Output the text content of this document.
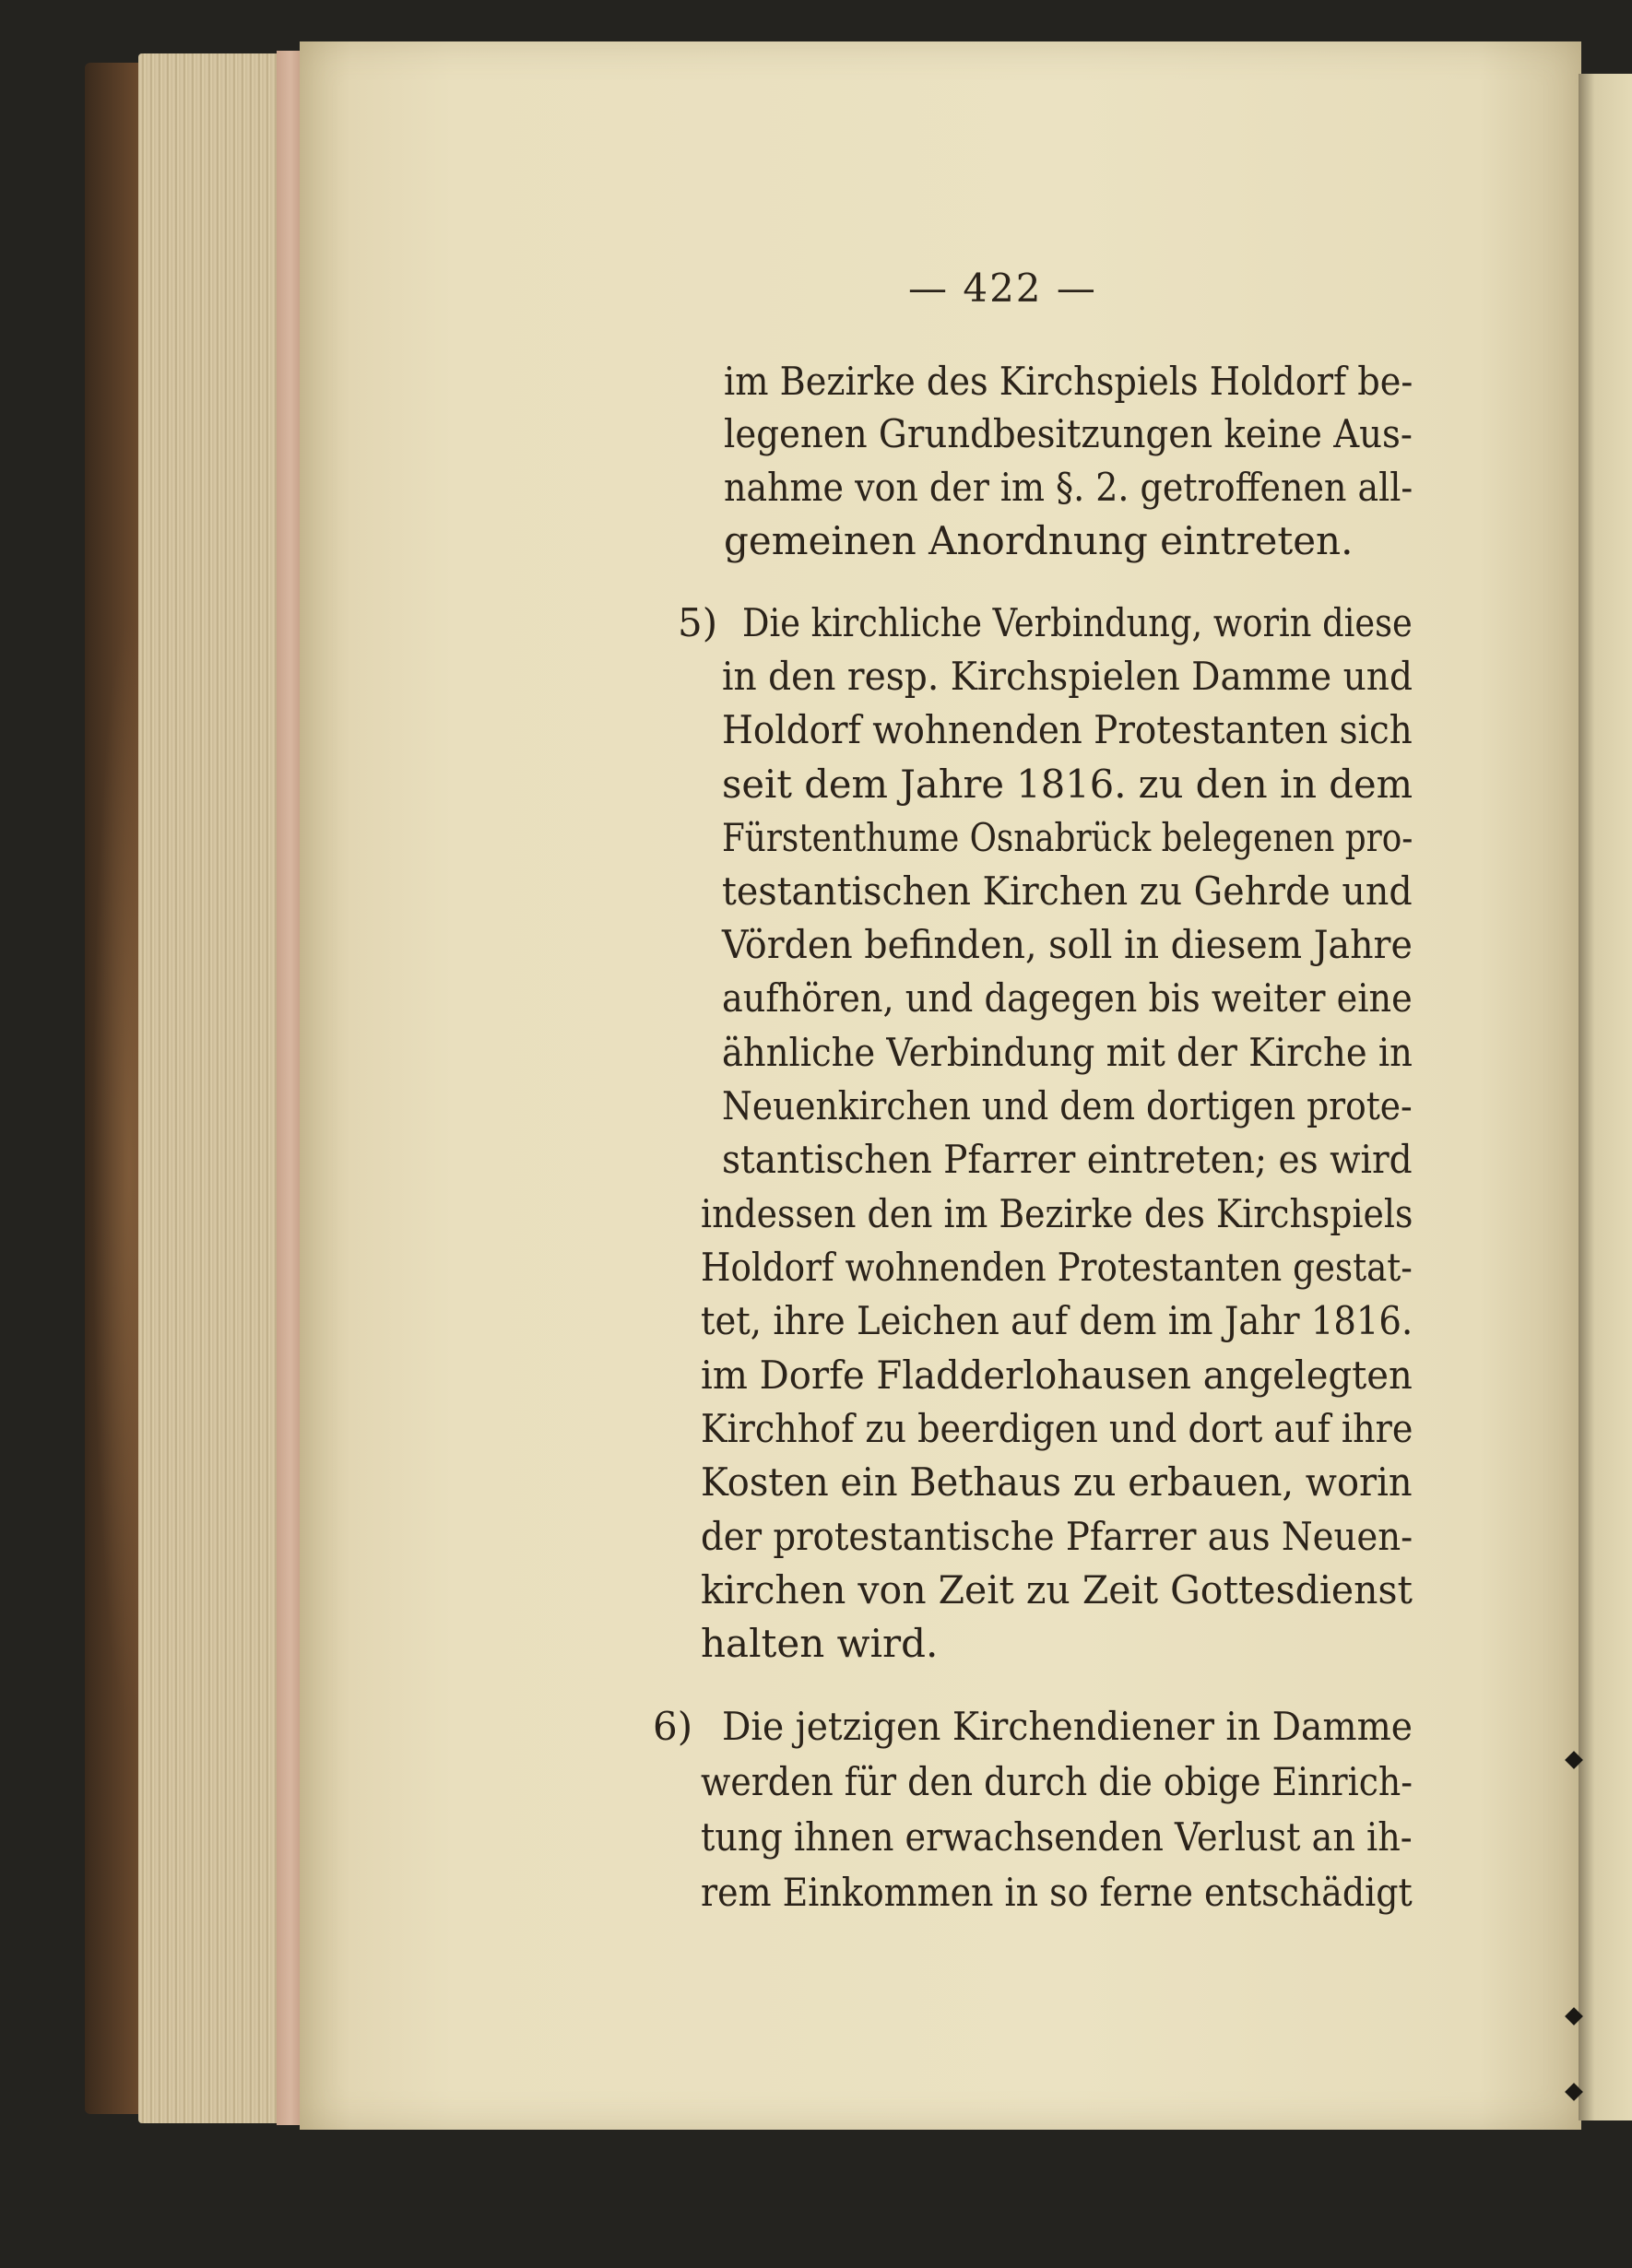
— 422 —
im Bezirke des Kirchspiels Holdorf be-
legenen Grundbesitzungen keine Aus-
nahme von der im §. 2. getroffenen all-
gemeinen Anordnung eintreten.
5) Die kirchliche Verbindung, worin diese
in den resp. Kirchspielen Damme und
Holdorf wohnenden Protestanten sich
seit dem Jahre 1816. zu den in dem
Fürstenthume Osnabrück belegenen pro-
testantischen Kirchen zu Gehrde und
Vörden befinden, soll in diesem Jahre
aufhören, und dagegen bis weiter eine
ähnliche Verbindung mit der Kirche in
Neuenkirchen und dem dortigen prote-
stantischen Pfarrer eintreten; es wird
indessen den im Bezirke des Kirchspiels
Holdorf wohnenden Protestanten gestat-
tet, ihre Leichen auf dem im Jahr 1816.
im Dorfe Fladderlohausen angelegten
Kirchhof zu beerdigen und dort auf ihre
Kosten ein Bethaus zu erbauen, worin
der protestantische Pfarrer aus Neuen-
kirchen von Zeit zu Zeit Gottesdienst
halten wird.
6) Die jetzigen Kirchendiener in Damme
werden für den durch die obige Einrich-
tung ihnen erwachsenden Verlust an ih-
rem Einkommen in so ferne entschädigt
